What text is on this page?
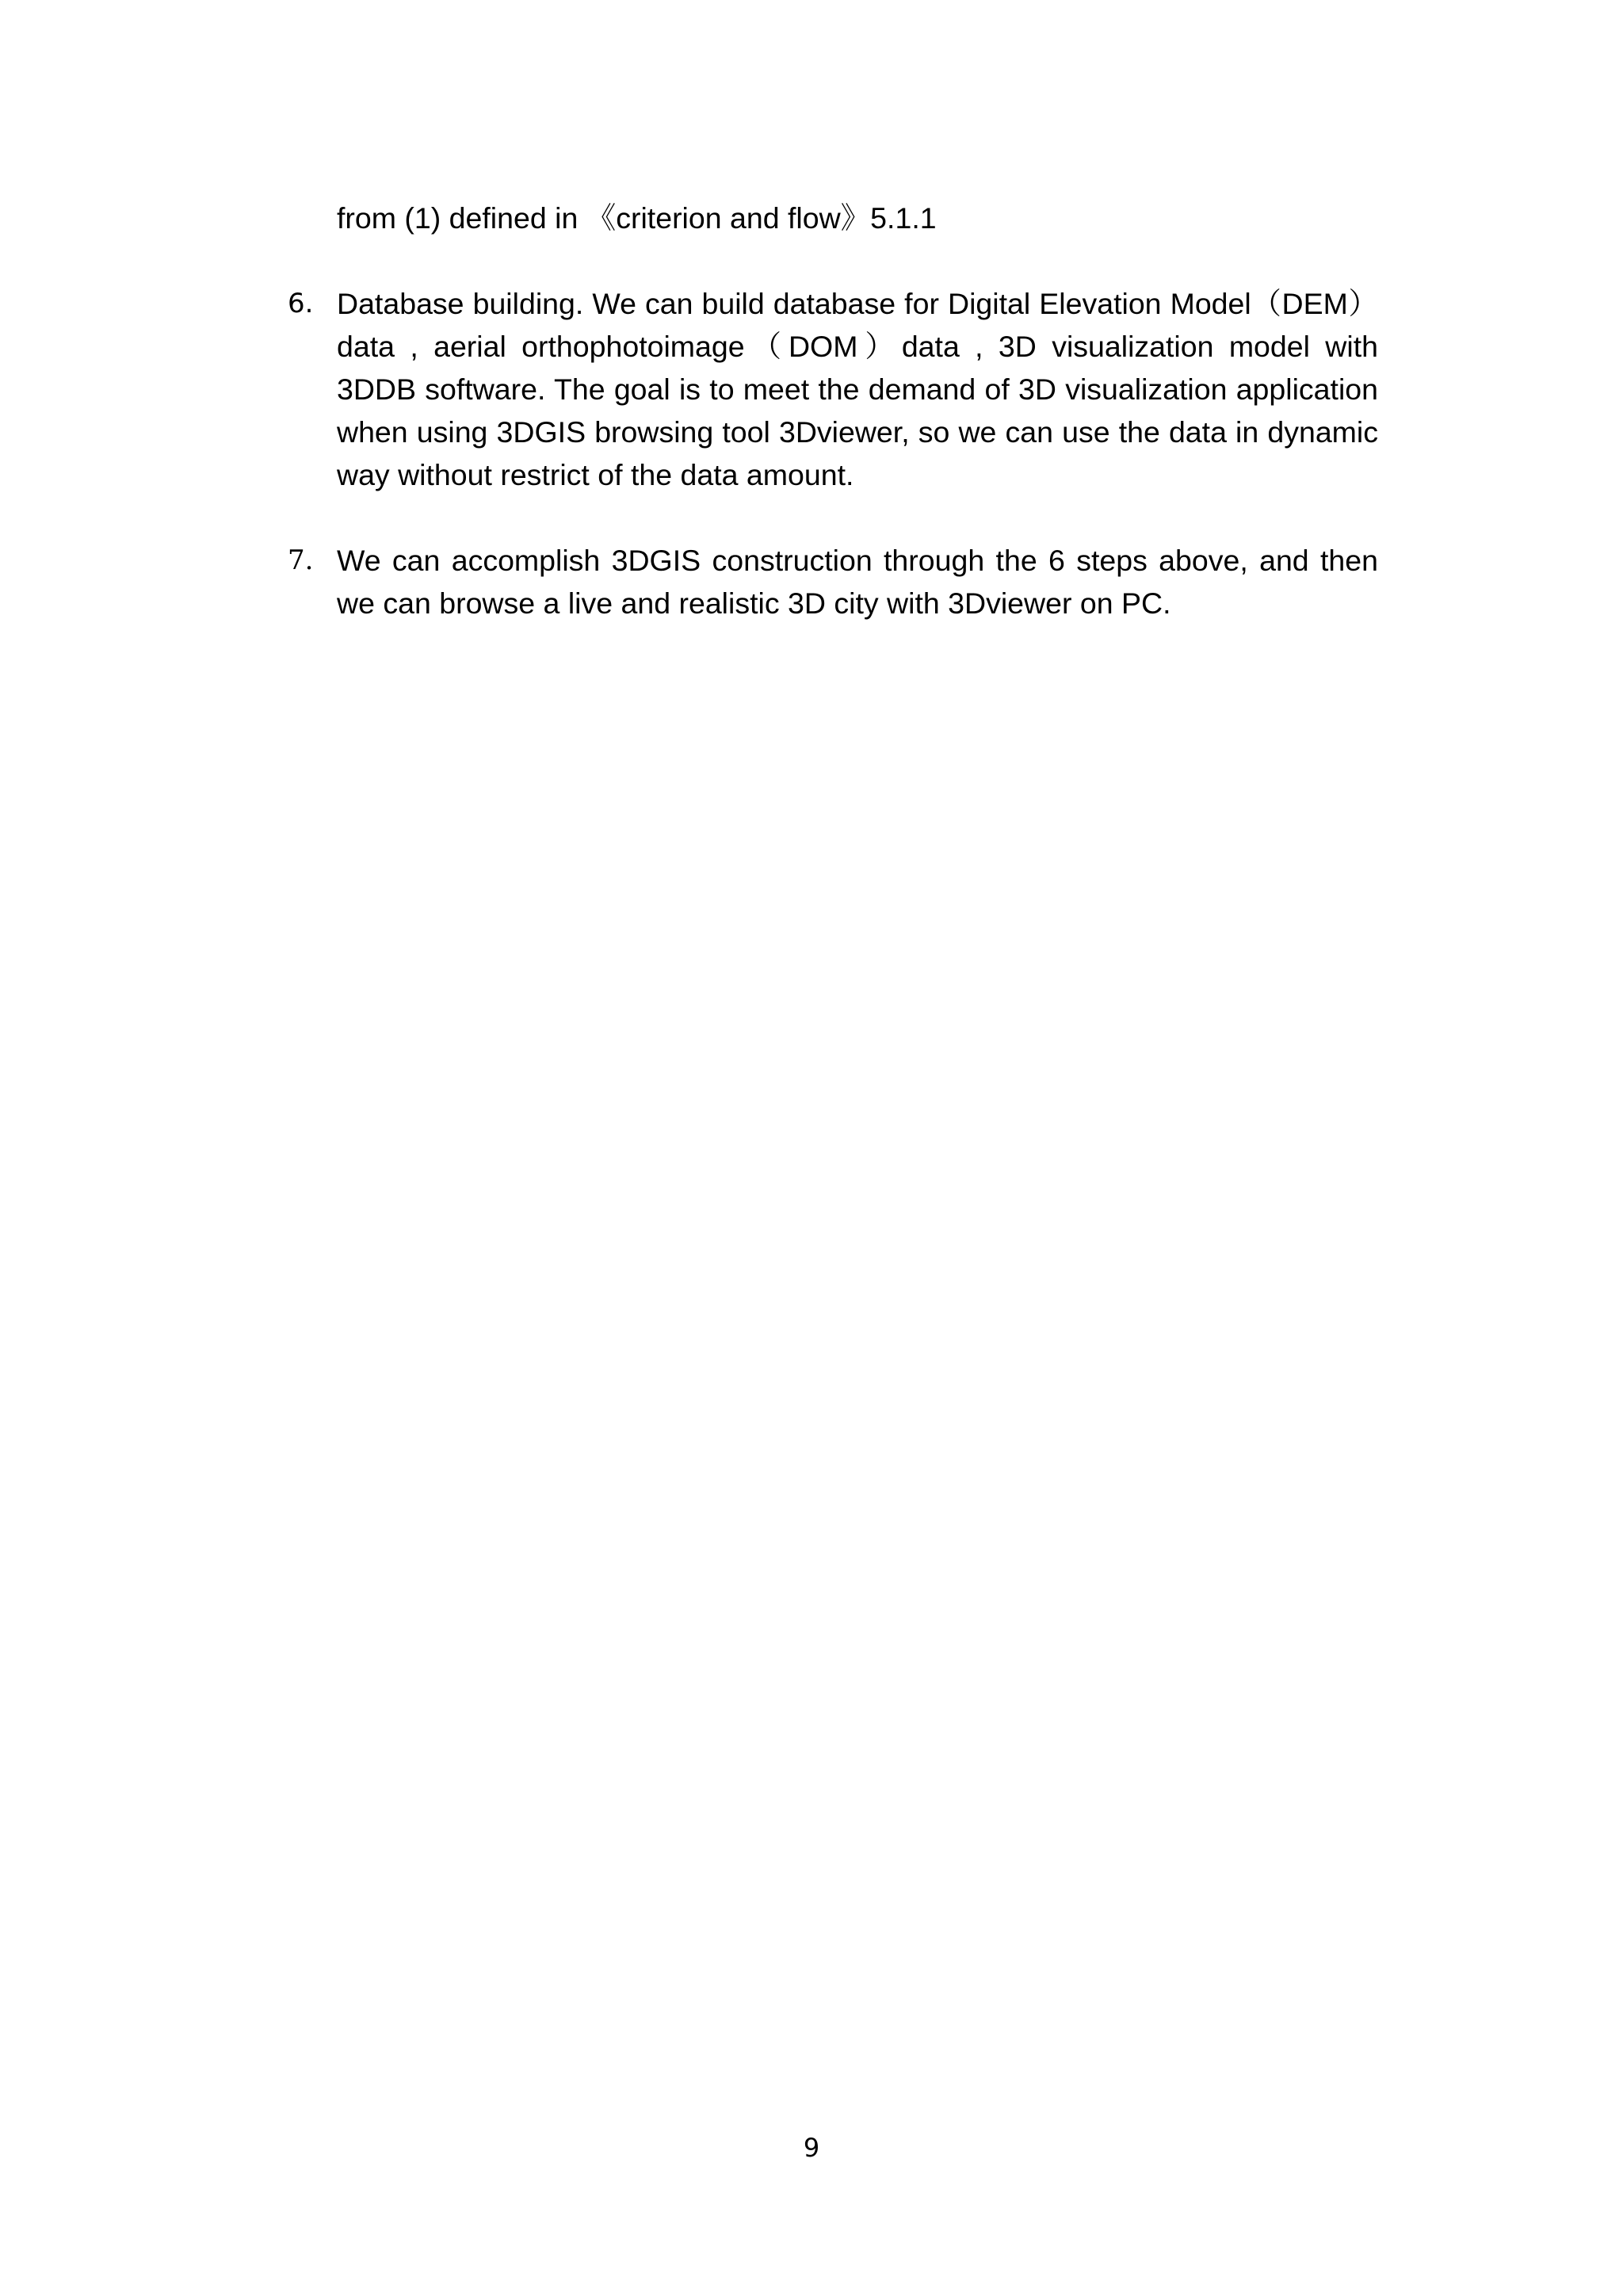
from (1) defined in 《criterion and flow》5.1.1

6. Database building. We can build database for Digital Elevation Model（DEM）data , aerial orthophotoimage（DOM）data , 3D visualization model with 3DDB software. The goal is to meet the demand of 3D visualization application when using 3DGIS browsing tool 3Dviewer, so we can use the data in dynamic way without restrict of the data amount.

7. We can accomplish 3DGIS construction through the 6 steps above, and then we can browse a live and realistic 3D city with 3Dviewer on PC.

9
